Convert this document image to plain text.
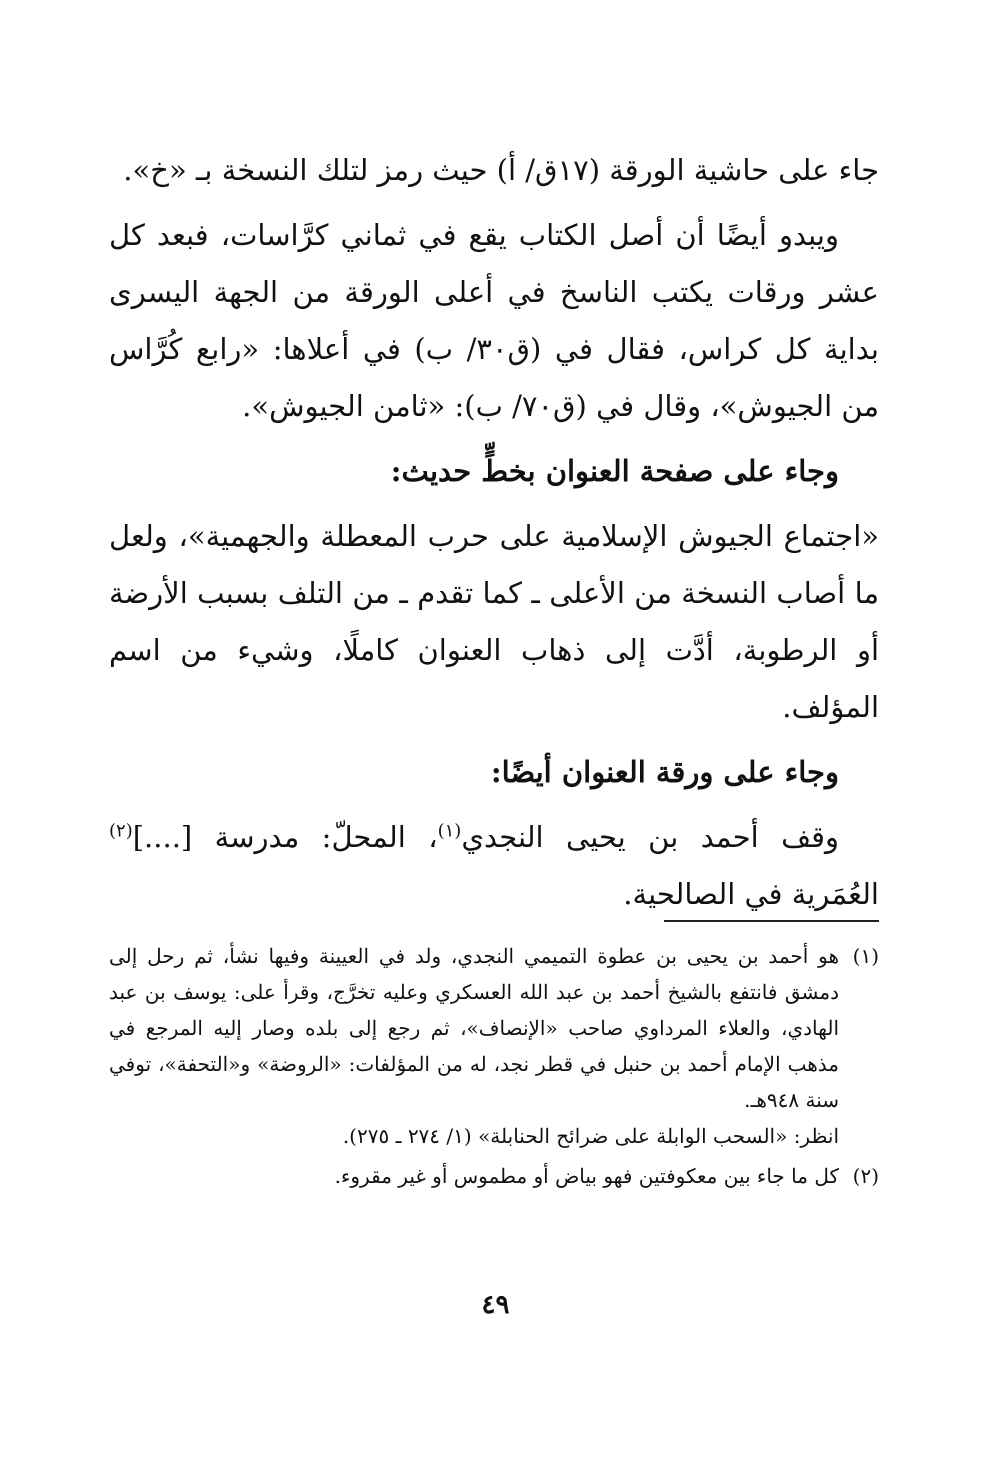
جاء على حاشية الورقة (١٧ق/ أ) حيث رمز لتلك النسخة بـ «خ».

ويبدو أيضًا أن أصل الكتاب يقع في ثماني كرَّاسات، فبعد كل عشر ورقات يكتب الناسخ في أعلى الورقة من الجهة اليسرى بداية كل كراس، فقال في (ق٣٠/ ب) في أعلاها: «رابع كُرَّاس من الجيوش»، وقال في (ق٧٠/ ب): «ثامن الجيوش».

وجاء على صفحة العنوان بخطٍّ حديث:

«اجتماع الجيوش الإسلامية على حرب المعطلة والجهمية»، ولعل ما أصاب النسخة من الأعلى ـ كما تقدم ـ من التلف بسبب الأرضة أو الرطوبة، أدَّت إلى ذهاب العنوان كاملًا، وشيء من اسم المؤلف.

وجاء على ورقة العنوان أيضًا:

وقف أحمد بن يحيى النجدي$^{(١)}$، المحلّ: مدرسة [....]$^{(٢)}$ العُمَرية في الصالحية.

(١)

هو أحمد بن يحيى بن عطوة التميمي النجدي، ولد في العيينة وفيها نشأ، ثم رحل إلى دمشق فانتفع بالشيخ أحمد بن عبد الله العسكري وعليه تخرَّج، وقرأ على: يوسف بن عبد الهادي، والعلاء المرداوي صاحب «الإنصاف»، ثم رجع إلى بلده وصار إليه المرجع في مذهب الإمام أحمد بن حنبل في قطر نجد، له من المؤلفات: «الروضة» و«التحفة»، توفي سنة ٩٤٨هـ.

انظر: «السحب الوابلة على ضرائح الحنابلة» (١/ ٢٧٤ ـ ٢٧٥).

(٢)

كل ما جاء بين معكوفتين فهو بياض أو مطموس أو غير مقروء.

٤٩
